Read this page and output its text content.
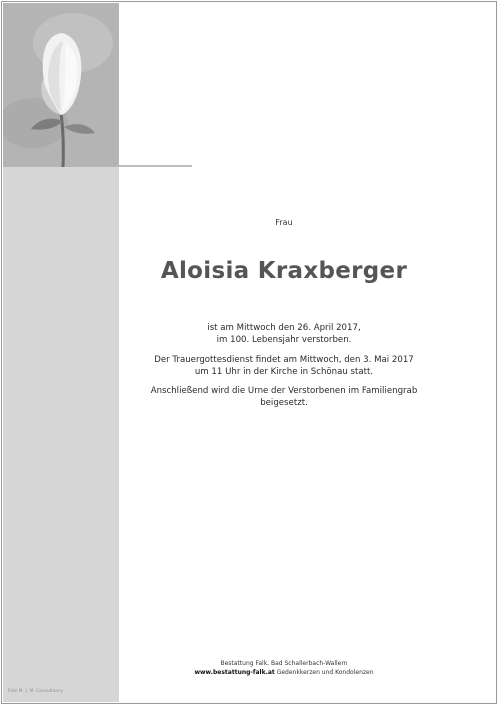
Foto M. J. M. Consultancy
Frau
Aloisia Kraxberger
ist am Mittwoch den 26. April 2017,
im 100. Lebensjahr verstorben.
Der Trauergottesdienst findet am Mittwoch, den 3. Mai 2017
um 11 Uhr in der Kirche in Schönau statt.
Anschließend wird die Urne der Verstorbenen im Familiengrab
beigesetzt.
Bestattung Falk, Bad Schallerbach-Wallern
www.bestattung-falk.at Gedenkkerzen und Kondolenzen
